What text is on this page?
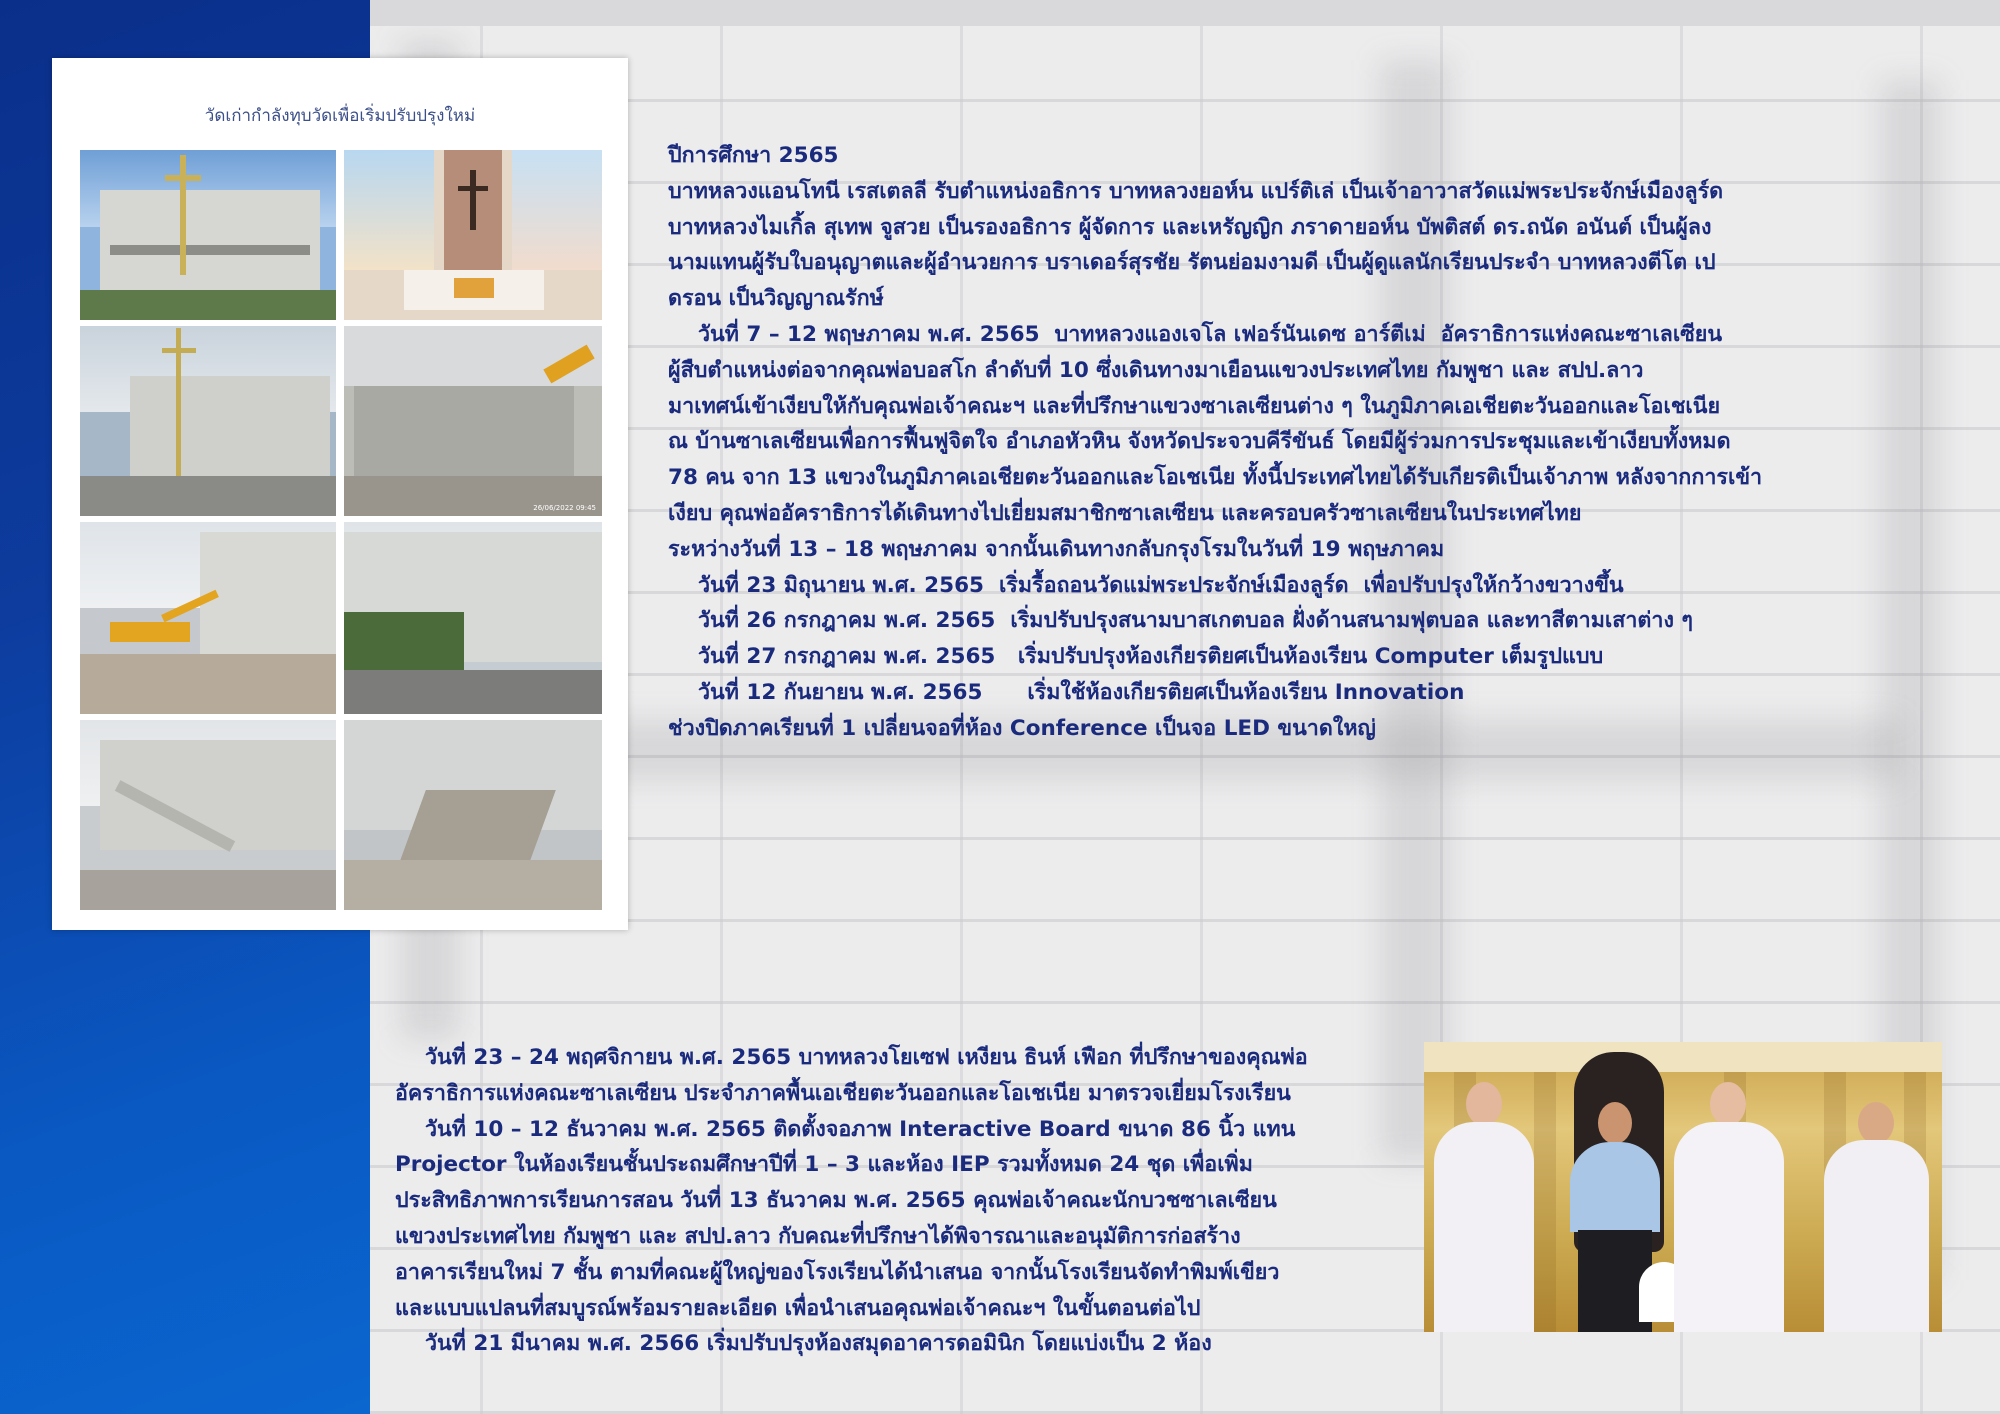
วัดเก่ากำลังทุบวัดเพื่อเริ่มปรับปรุงใหม่
26/06/2022 09:45
ปีการศึกษา 2565
บาทหลวงแอนโทนี เรสเตลลี รับตำแหน่งอธิการ บาทหลวงยอห์น แปร์ติเล่ เป็นเจ้าอาวาสวัดแม่พระประจักษ์เมืองลูร์ด
บาทหลวงไมเกิ้ล สุเทพ จูสวย เป็นรองอธิการ ผู้จัดการ และเหรัญญิก ภราดายอห์น บัพติสต์ ดร.ถนัด อนันต์ เป็นผู้ลง
นามแทนผู้รับใบอนุญาตและผู้อำนวยการ บราเดอร์สุรชัย รัตนย่อมงามดี เป็นผู้ดูแลนักเรียนประจำ บาทหลวงตีโต เป
ดรอน เป็นวิญญาณรักษ์
วันที่ 7 – 12 พฤษภาคม พ.ศ. 2565  บาทหลวงแองเจโล เฟอร์นันเดซ อาร์ตีเม่  อัคราธิการแห่งคณะซาเลเซียน
ผู้สืบตำแหน่งต่อจากคุณพ่อบอสโก ลำดับที่ 10 ซึ่งเดินทางมาเยือนแขวงประเทศไทย กัมพูชา และ สปป.ลาว
มาเทศน์เข้าเงียบให้กับคุณพ่อเจ้าคณะฯ และที่ปรึกษาแขวงซาเลเซียนต่าง ๆ ในภูมิภาคเอเชียตะวันออกและโอเชเนีย
ณ บ้านซาเลเซียนเพื่อการฟื้นฟูจิตใจ อำเภอหัวหิน จังหวัดประจวบคีรีขันธ์ โดยมีผู้ร่วมการประชุมและเข้าเงียบทั้งหมด
78 คน จาก 13 แขวงในภูมิภาคเอเชียตะวันออกและโอเชเนีย ทั้งนี้ประเทศไทยได้รับเกียรติเป็นเจ้าภาพ หลังจากการเข้า
เงียบ คุณพ่ออัคราธิการได้เดินทางไปเยี่ยมสมาชิกซาเลเซียน และครอบครัวซาเลเซียนในประเทศไทย
ระหว่างวันที่ 13 – 18 พฤษภาคม จากนั้นเดินทางกลับกรุงโรมในวันที่ 19 พฤษภาคม
วันที่ 23 มิถุนายน พ.ศ. 2565  เริ่มรื้อถอนวัดแม่พระประจักษ์เมืองลูร์ด  เพื่อปรับปรุงให้กว้างขวางขึ้น
วันที่ 26 กรกฎาคม พ.ศ. 2565  เริ่มปรับปรุงสนามบาสเกตบอล ฝั่งด้านสนามฟุตบอล และทาสีตามเสาต่าง ๆ
วันที่ 27 กรกฎาคม พ.ศ. 2565   เริ่มปรับปรุงห้องเกียรติยศเป็นห้องเรียน Computer เต็มรูปแบบ
วันที่ 12 กันยายน พ.ศ. 2565      เริ่มใช้ห้องเกียรติยศเป็นห้องเรียน Innovation
ช่วงปิดภาคเรียนที่ 1 เปลี่ยนจอที่ห้อง Conference เป็นจอ LED ขนาดใหญ่
วันที่ 23 – 24 พฤศจิกายน พ.ศ. 2565 บาทหลวงโยเซฟ เหงียน ธินห์ เฟือก ที่ปรึกษาของคุณพ่อ
อัคราธิการแห่งคณะซาเลเซียน ประจำภาคพื้นเอเชียตะวันออกและโอเชเนีย มาตรวจเยี่ยมโรงเรียน
วันที่ 10 – 12 ธันวาคม พ.ศ. 2565 ติดตั้งจอภาพ Interactive Board ขนาด 86 นิ้ว แทน
Projector ในห้องเรียนชั้นประถมศึกษาปีที่ 1 – 3 และห้อง IEP รวมทั้งหมด 24 ชุด เพื่อเพิ่ม
ประสิทธิภาพการเรียนการสอน วันที่ 13 ธันวาคม พ.ศ. 2565 คุณพ่อเจ้าคณะนักบวชซาเลเซียน
แขวงประเทศไทย กัมพูชา และ สปป.ลาว กับคณะที่ปรึกษาได้พิจารณาและอนุมัติการก่อสร้าง
อาคารเรียนใหม่ 7 ชั้น ตามที่คณะผู้ใหญ่ของโรงเรียนได้นำเสนอ จากนั้นโรงเรียนจัดทำพิมพ์เขียว
และแบบแปลนที่สมบูรณ์พร้อมรายละเอียด เพื่อนำเสนอคุณพ่อเจ้าคณะฯ ในขั้นตอนต่อไป
วันที่ 21 มีนาคม พ.ศ. 2566 เริ่มปรับปรุงห้องสมุดอาคารดอมินิก โดยแบ่งเป็น 2 ห้อง
